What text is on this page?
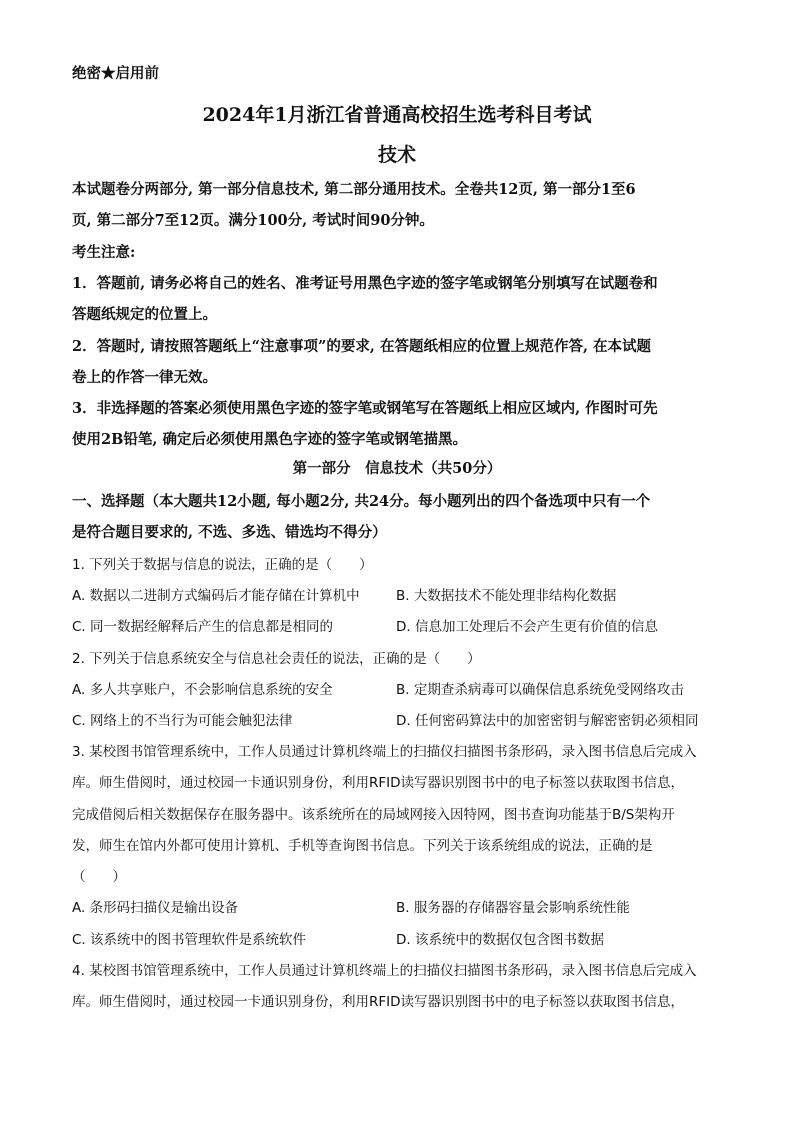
绝密★启用前
2024年1月浙江省普通高校招生选考科目考试
技术
本试题卷分两部分, 第一部分信息技术, 第二部分通用技术。全卷共12页, 第一部分1至6
页, 第二部分7至12页。满分100分, 考试时间90分钟。
考生注意:
1．答题前, 请务必将自己的姓名、准考证号用黑色字迹的签字笔或钢笔分别填写在试题卷和
答题纸规定的位置上。
2．答题时, 请按照答题纸上“注意事项”的要求, 在答题纸相应的位置上规范作答, 在本试题
卷上的作答一律无效。
3．非选择题的答案必须使用黑色字迹的签字笔或钢笔写在答题纸上相应区域内, 作图时可先
使用2B铅笔, 确定后必须使用黑色字迹的签字笔或钢笔描黑。
第一部分　信息技术（共50分）
一、选择题（本大题共12小题, 每小题2分, 共24分。每小题列出的四个备选项中只有一个
是符合题目要求的, 不选、多选、错选均不得分）
1. 下列关于数据与信息的说法，正确的是（　　）
A. 数据以二进制方式编码后才能存储在计算机中	B. 大数据技术不能处理非结构化数据
C. 同一数据经解释后产生的信息都是相同的	D. 信息加工处理后不会产生更有价值的信息
2. 下列关于信息系统安全与信息社会责任的说法，正确的是（　　）
A. 多人共享账户，不会影响信息系统的安全	B. 定期查杀病毒可以确保信息系统免受网络攻击
C. 网络上的不当行为可能会触犯法律	D. 任何密码算法中的加密密钥与解密密钥必须相同
3. 某校图书馆管理系统中，工作人员通过计算机终端上的扫描仪扫描图书条形码，录入图书信息后完成入
库。师生借阅时，通过校园一卡通识别身份，利用RFID读写器识别图书中的电子标签以获取图书信息，
完成借阅后相关数据保存在服务器中。该系统所在的局域网接入因特网，图书查询功能基于B/S架构开
发，师生在馆内外都可使用计算机、手机等查询图书信息。下列关于该系统组成的说法，正确的是
（　　）
A. 条形码扫描仪是输出设备	B. 服务器的存储器容量会影响系统性能
C. 该系统中的图书管理软件是系统软件	D. 该系统中的数据仅包含图书数据
4. 某校图书馆管理系统中，工作人员通过计算机终端上的扫描仪扫描图书条形码，录入图书信息后完成入
库。师生借阅时，通过校园一卡通识别身份，利用RFID读写器识别图书中的电子标签以获取图书信息，
